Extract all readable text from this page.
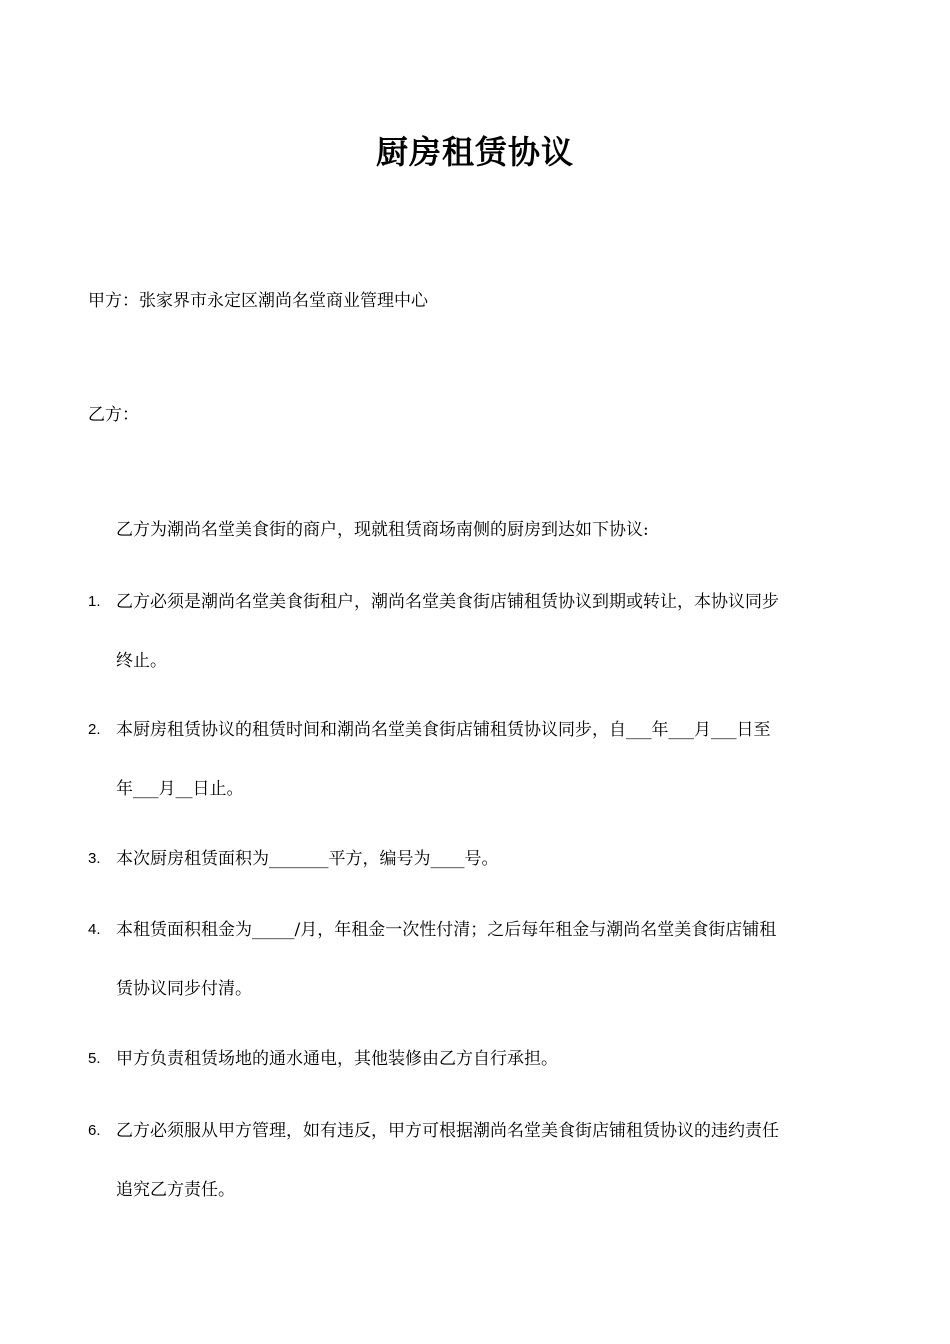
厨房租赁协议
甲方：张家界市永定区潮尚名堂商业管理中心
乙方：
乙方为潮尚名堂美食街的商户，现就租赁商场南侧的厨房到达如下协议:
1. 乙方必须是潮尚名堂美食街租户，潮尚名堂美食街店铺租赁协议到期或转让，本协议同步
终止。
2. 本厨房租赁协议的租赁时间和潮尚名堂美食街店铺租赁协议同步，自___年___月___日至
年___月__日止。
3. 本次厨房租赁面积为_______平方，编号为____号。
4. 本租赁面积租金为_____/月，年租金一次性付清；之后每年租金与潮尚名堂美食街店铺租
赁协议同步付清。
5. 甲方负责租赁场地的通水通电，其他装修由乙方自行承担。
6. 乙方必须服从甲方管理，如有违反，甲方可根据潮尚名堂美食街店铺租赁协议的违约责任
追究乙方责任。
